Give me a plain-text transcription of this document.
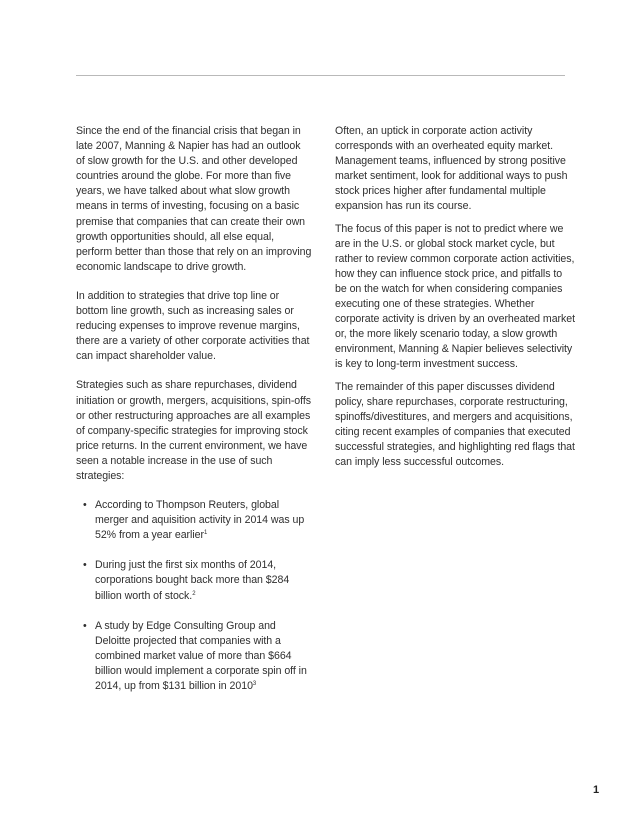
Since the end of the financial crisis that began in late 2007, Manning & Napier has had an outlook of slow growth for the U.S. and other developed countries around the globe. For more than five years, we have talked about what slow growth means in terms of investing, focusing on a basic premise that companies that can create their own growth opportunities should, all else equal, perform better than those that rely on an improving economic landscape to drive growth.

In addition to strategies that drive top line or bottom line growth, such as increasing sales or reducing expenses to improve revenue margins, there are a variety of other corporate activities that can impact shareholder value.

Strategies such as share repurchases, dividend initiation or growth, mergers, acquisitions, spin-offs or other restructuring approaches are all examples of company-specific strategies for improving stock price returns. In the current environment, we have seen a notable increase in the use of such strategies:

• According to Thompson Reuters, global merger and aquisition activity in 2014 was up 52% from a year earlier$^1$
• During just the first six months of 2014, corporations bought back more than $284 billion worth of stock.$^2$
• A study by Edge Consulting Group and Deloitte projected that companies with a combined market value of more than $664 billion would implement a corporate spin off in 2014, up from $131 billion in 2010$^3$

Often, an uptick in corporate action activity corresponds with an overheated equity market. Management teams, influenced by strong positive market sentiment, look for additional ways to push stock prices higher after fundamental multiple expansion has run its course.

The focus of this paper is not to predict where we are in the U.S. or global stock market cycle, but rather to review common corporate action activities, how they can influence stock price, and pitfalls to be on the watch for when considering companies executing one of these strategies. Whether corporate activity is driven by an overheated market or, the more likely scenario today, a slow growth environment, Manning & Napier believes selectivity is key to long-term investment success.

The remainder of this paper discusses dividend policy, share repurchases, corporate restructuring, spinoffs/divestitures, and mergers and acquisitions, citing recent examples of companies that executed successful strategies, and highlighting red flags that can imply less successful outcomes.

1
